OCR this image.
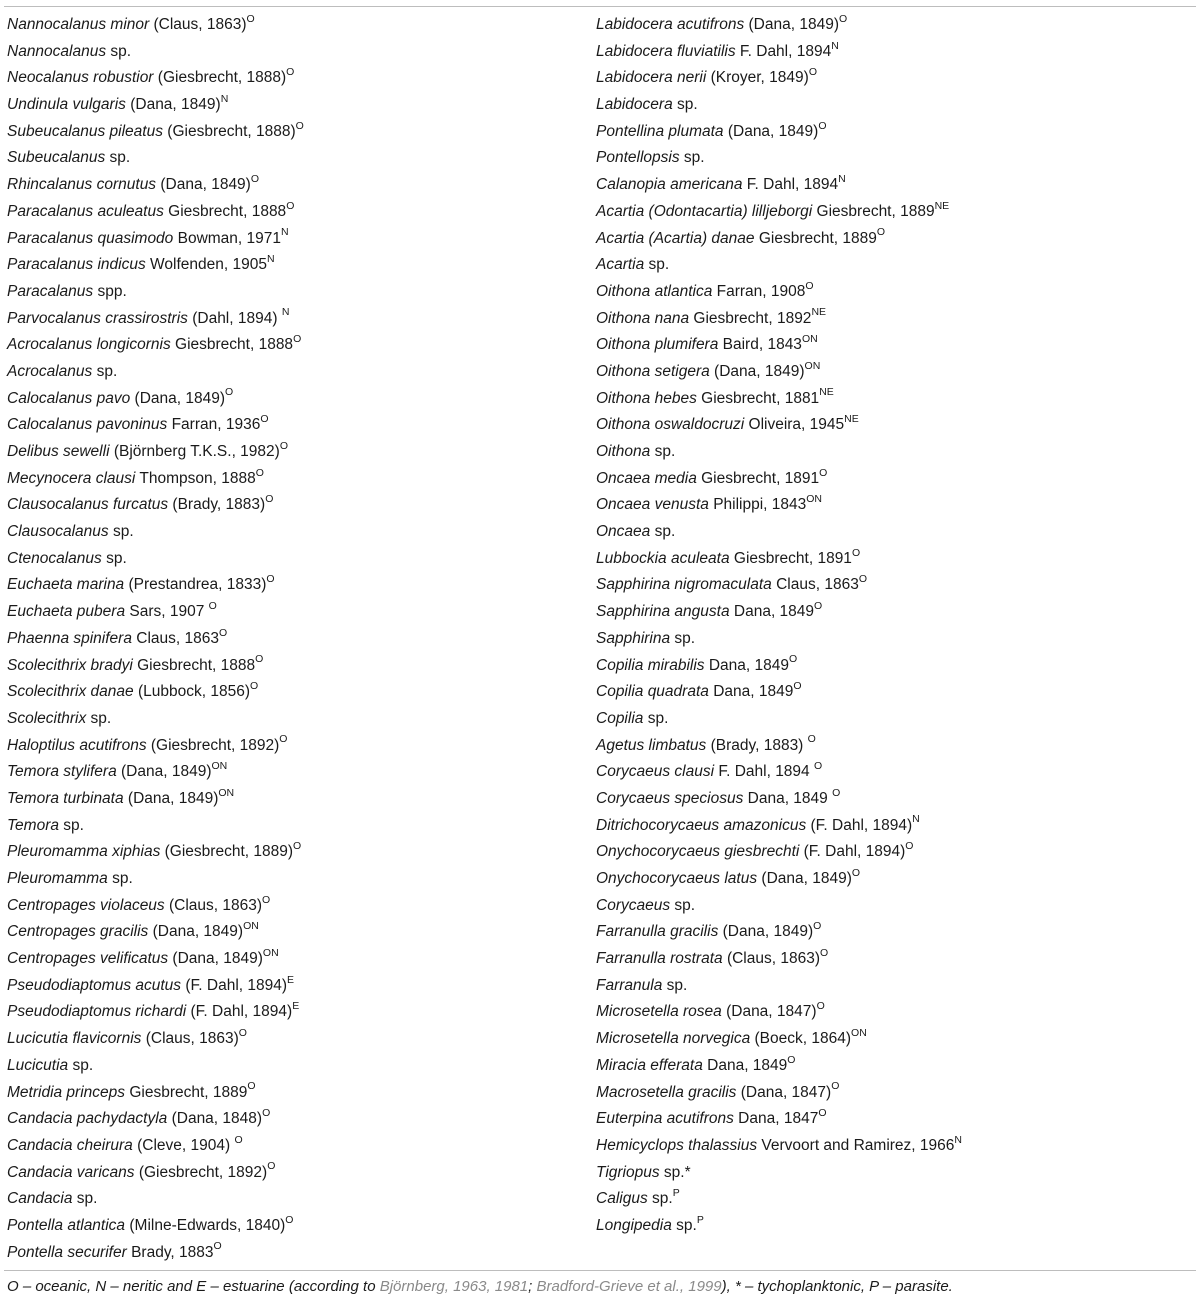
Nannocalanus minor (Claus, 1863)$^O$
Nannocalanus sp.
Neocalanus robustior (Giesbrecht, 1888)$^O$
Undinula vulgaris (Dana, 1849)$^N$
Subeucalanus pileatus (Giesbrecht, 1888)$^O$
Subeucalanus sp.
Rhincalanus cornutus (Dana, 1849)$^O$
Paracalanus aculeatus Giesbrecht, $1888^O$
Paracalanus quasimodo Bowman, $1971^N$
Paracalanus indicus Wolfenden, $1905^N$
Paracalanus spp.
Parvocalanus crassirostris (Dahl, 1894) $^N$
Acrocalanus longicornis Giesbrecht, $1888^O$
Acrocalanus sp.
Calocalanus pavo (Dana, 1849)$^O$
Calocalanus pavoninus Farran, $1936^O$
Delibus sewelli (Björnberg T.K.S., 1982)$^O$
Mecynocera clausi Thompson, $1888^O$
Clausocalanus furcatus (Brady, 1883)$^O$
Clausocalanus sp.
Ctenocalanus sp.
Euchaeta marina (Prestandrea, 1833)$^O$
Euchaeta pubera Sars, 1907 $^O$
Phaenna spinifera Claus, $1863^O$
Scolecithrix bradyi Giesbrecht, $1888^O$
Scolecithrix danae (Lubbock, 1856)$^O$
Scolecithrix sp.
Haloptilus acutifrons (Giesbrecht, 1892)$^O$
Temora stylifera (Dana, 1849)$^{ON}$
Temora turbinata (Dana, 1849)$^{ON}$
Temora sp.
Pleuromamma xiphias (Giesbrecht, 1889)$^O$
Pleuromamma sp.
Centropages violaceus (Claus, 1863)$^O$
Centropages gracilis (Dana, 1849)$^{ON}$
Centropages velificatus (Dana, 1849)$^{ON}$
Pseudodiaptomus acutus (F. Dahl, 1894)$^E$
Pseudodiaptomus richardi (F. Dahl, 1894)$^E$
Lucicutia flavicornis (Claus, 1863)$^O$
Lucicutia sp.
Metridia princeps Giesbrecht, $1889^O$
Candacia pachydactyla (Dana, 1848)$^O$
Candacia cheirura (Cleve, 1904) $^O$
Candacia varicans (Giesbrecht, 1892)$^O$
Candacia sp.
Pontella atlantica (Milne-Edwards, 1840)$^O$
Pontella securifer Brady, $1883^O$
Labidocera acutifrons (Dana, 1849)$^O$
Labidocera fluviatilis F. Dahl, $1894^N$
Labidocera nerii (Kroyer, 1849)$^O$
Labidocera sp.
Pontellina plumata (Dana, 1849)$^O$
Pontellopsis sp.
Calanopia americana F. Dahl, $1894^N$
Acartia (Odontacartia) lilljeborgi Giesbrecht, $1889^{NE}$
Acartia (Acartia) danae Giesbrecht, $1889^O$
Acartia sp.
Oithona atlantica Farran, $1908^O$
Oithona nana Giesbrecht, $1892^{NE}$
Oithona plumifera Baird, $1843^{ON}$
Oithona setigera (Dana, 1849)$^{ON}$
Oithona hebes Giesbrecht, $1881^{NE}$
Oithona oswaldocruzi Oliveira, $1945^{NE}$
Oithona sp.
Oncaea media Giesbrecht, $1891^O$
Oncaea venusta Philippi, $1843^{ON}$
Oncaea sp.
Lubbockia aculeata Giesbrecht, $1891^O$
Sapphirina nigromaculata Claus, $1863^O$
Sapphirina angusta Dana, $1849^O$
Sapphirina sp.
Copilia mirabilis Dana, $1849^O$
Copilia quadrata Dana, $1849^O$
Copilia sp.
Agetus limbatus (Brady, 1883) $^O$
Corycaeus clausi F. Dahl, 1894 $^O$
Corycaeus speciosus Dana, 1849 $^O$
Ditrichocorycaeus amazonicus (F. Dahl, 1894)$^N$
Onychocorycaeus giesbrechti (F. Dahl, 1894)$^O$
Onychocorycaeus latus (Dana, 1849)$^O$
Corycaeus sp.
Farranulla gracilis (Dana, 1849)$^O$
Farranulla rostrata (Claus, 1863)$^O$
Farranula sp.
Microsetella rosea (Dana, 1847)$^O$
Microsetella norvegica (Boeck, 1864)$^{ON}$
Miracia efferata Dana, $1849^O$
Macrosetella gracilis (Dana, 1847)$^O$
Euterpina acutifrons Dana, $1847^O$
Hemicyclops thalassius Vervoort and Ramirez, $1966^N$
Tigriopus sp.*
Caligus sp.$^P$
Longipedia sp.$^P$
O – oceanic, N – neritic and E – estuarine (according to Björnberg, 1963, 1981; Bradford-Grieve et al., 1999), * – tychoplanktonic, P – parasite.
